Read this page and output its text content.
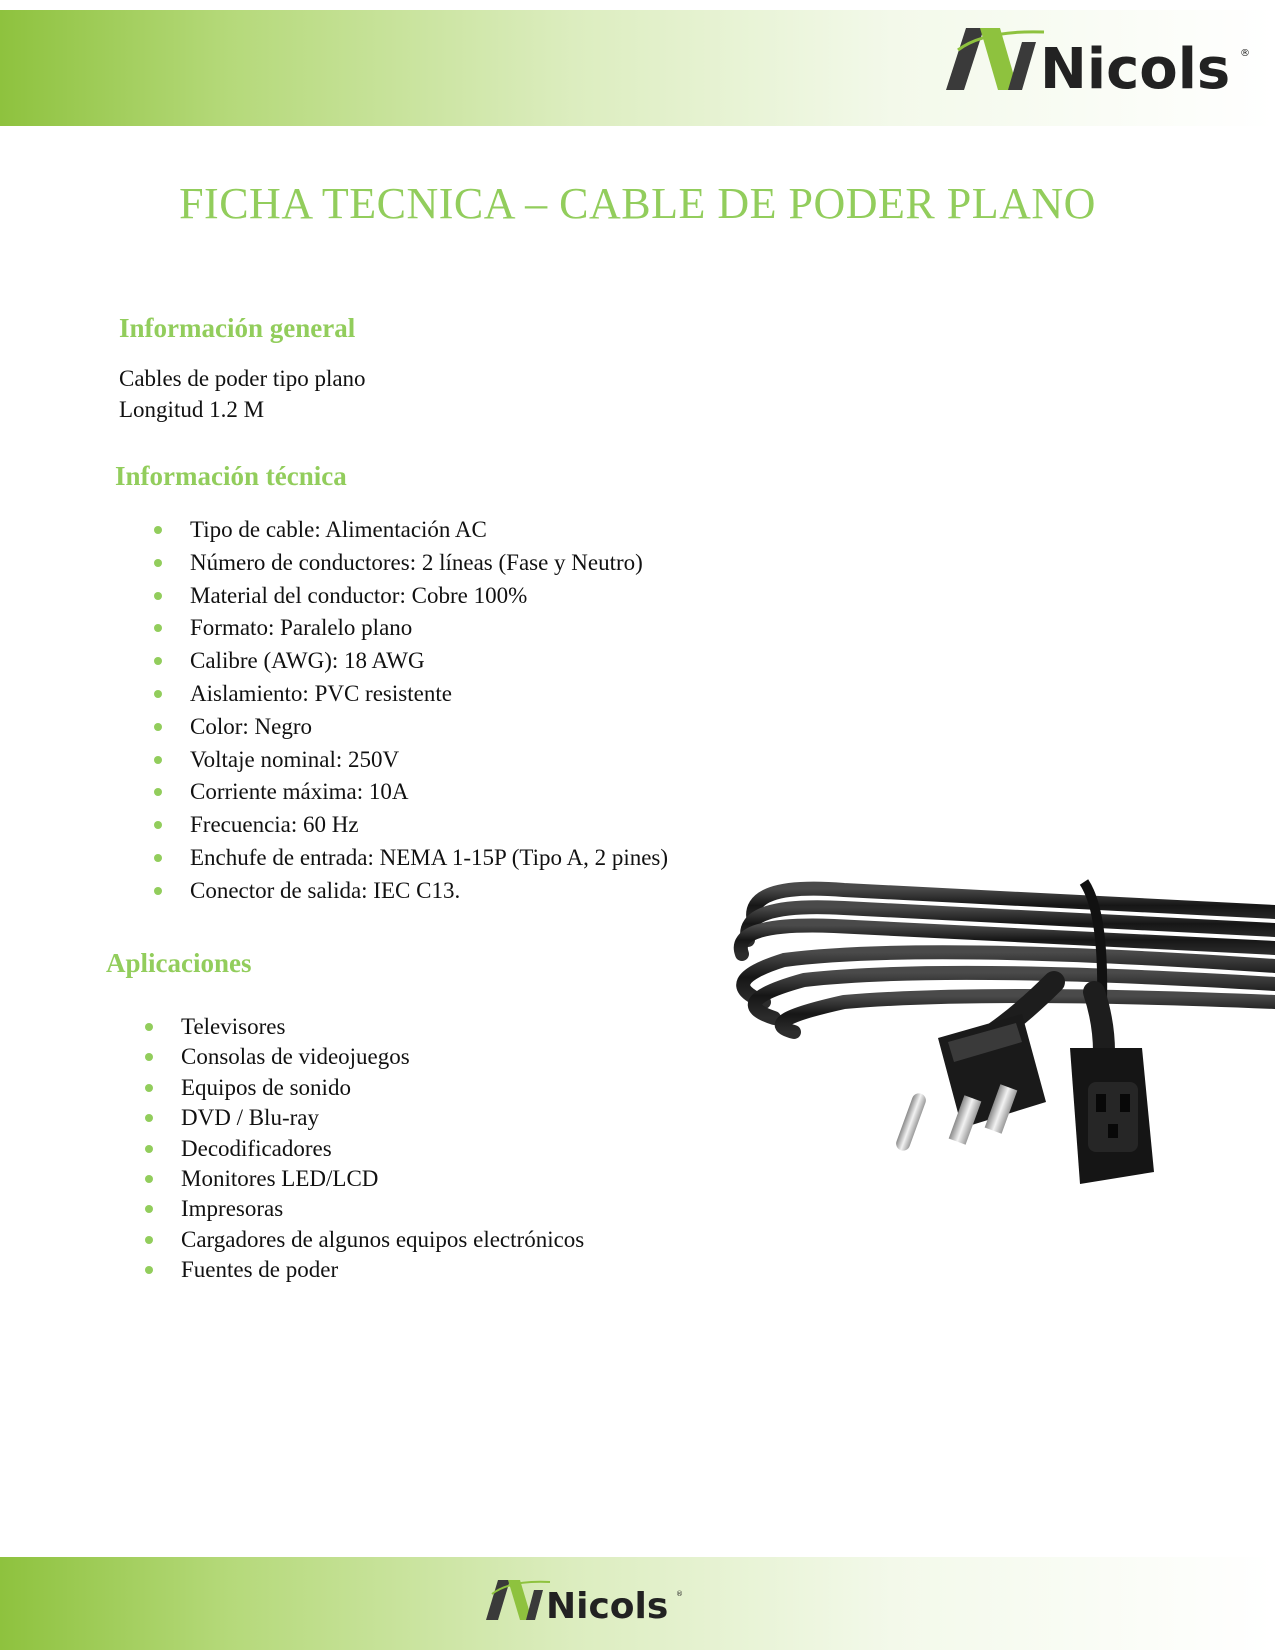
Nicols ®
FICHA TECNICA – CABLE DE PODER PLANO
Información general

Cables de poder tipo plano

Longitud 1.2 M

Información técnica
Tipo de cable: Alimentación AC
Número de conductores: 2 líneas (Fase y Neutro)
Material del conductor: Cobre 100%
Formato: Paralelo plano
Calibre (AWG): 18 AWG
Aislamiento: PVC resistente
Color: Negro
Voltaje nominal: 250V
Corriente máxima: 10A
Frecuencia: 60 Hz
Enchufe de entrada: NEMA 1-15P (Tipo A, 2 pines)
Conector de salida: IEC C13.
Aplicaciones
Televisores
Consolas de videojuegos
Equipos de sonido
DVD / Blu-ray
Decodificadores
Monitores LED/LCD
Impresoras
Cargadores de algunos equipos electrónicos
Fuentes de poder
Nicols ®
